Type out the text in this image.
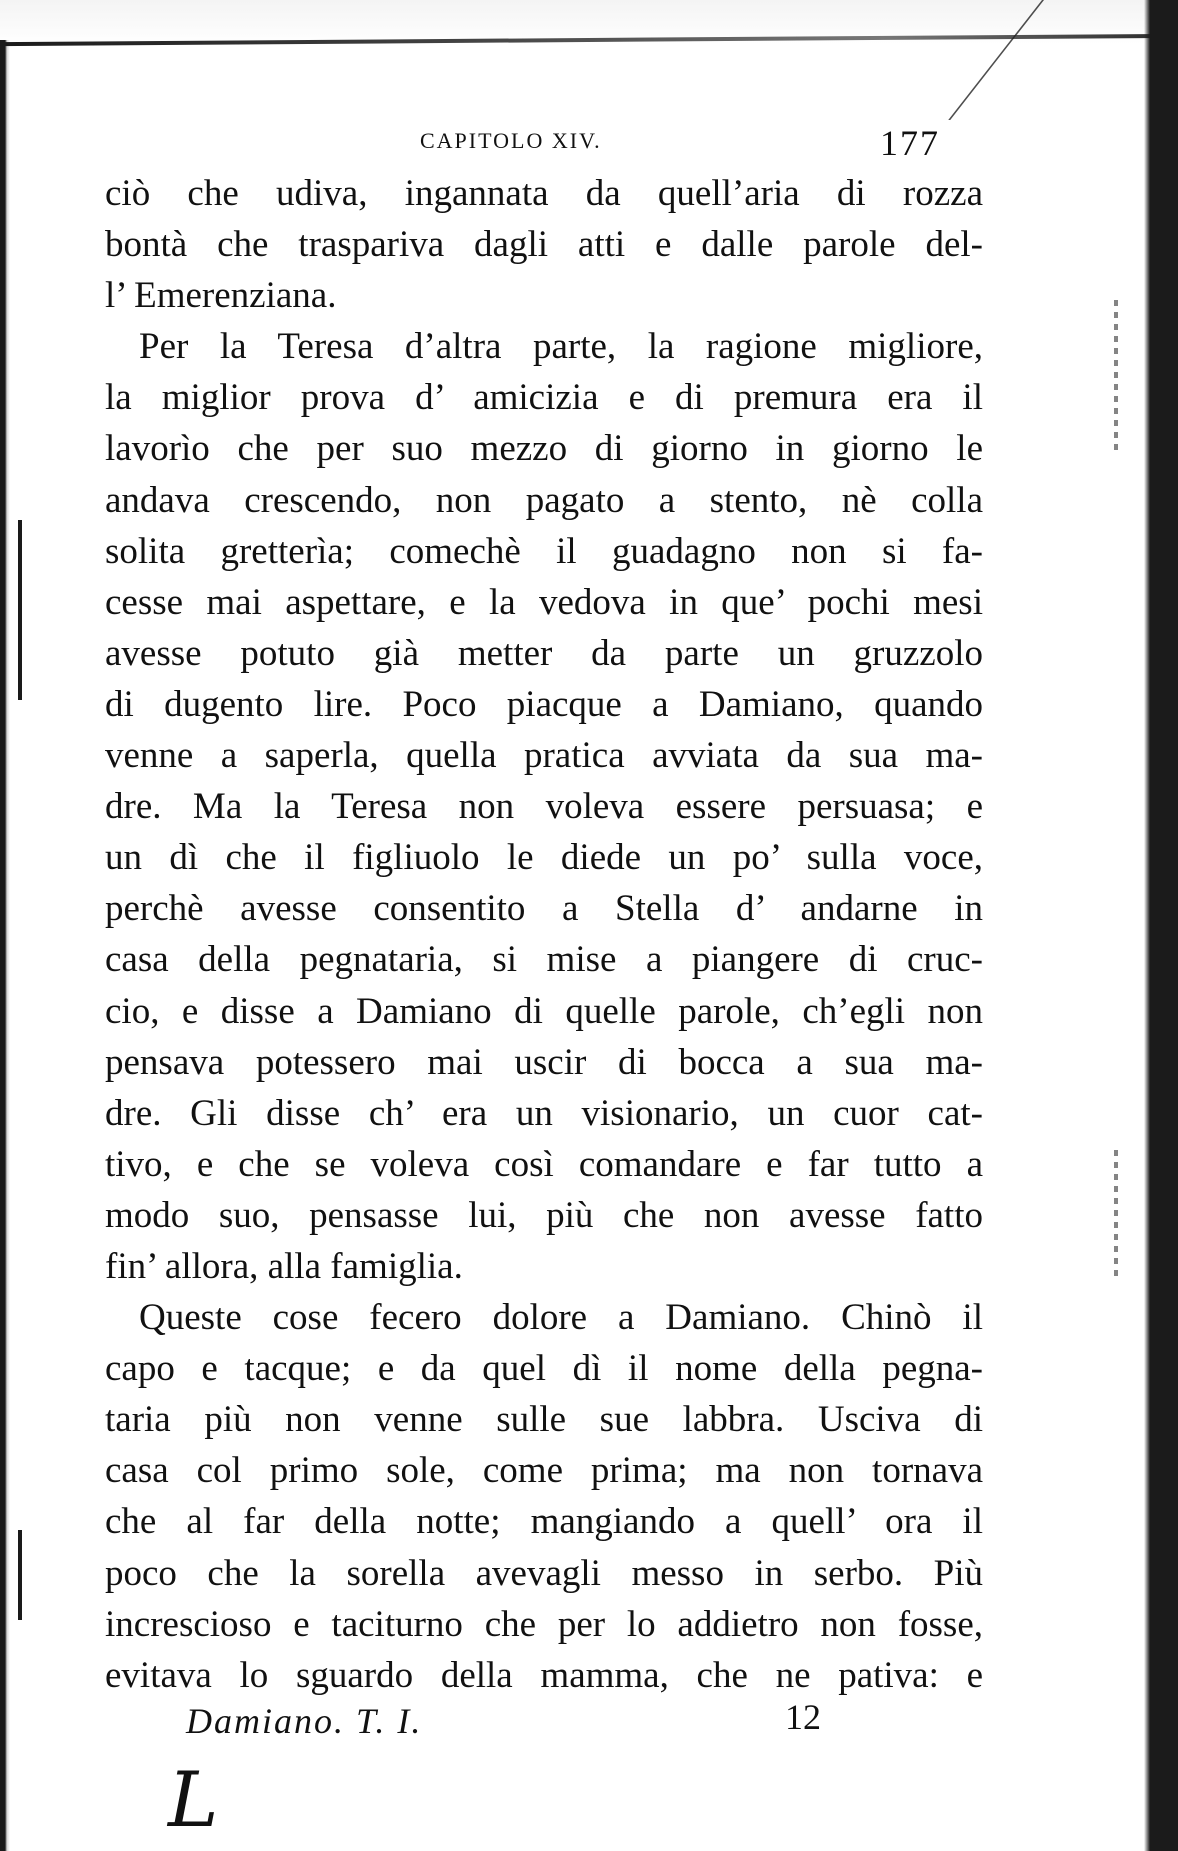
CAPITOLO XIV.	177
ciò che udiva, ingannata da quell’aria di rozza
bontà che traspariva dagli atti e dalle parole del-
l’ Emerenziana.
Per la Teresa d’altra parte, la ragione migliore,
la miglior prova d’ amicizia e di premura era il
lavorìo che per suo mezzo di giorno in giorno le
andava crescendo, non pagato a stento, nè colla
solita gretterìa; comechè il guadagno non si fa-
cesse mai aspettare, e la vedova in que’ pochi mesi
avesse potuto già metter da parte un gruzzolo
di dugento lire. Poco piacque a Damiano, quando
venne a saperla, quella pratica avviata da sua ma-
dre. Ma la Teresa non voleva essere persuasa; e
un dì che il figliuolo le diede un po’ sulla voce,
perchè avesse consentito a Stella d’ andarne in
casa della pegnataria, si mise a piangere di cruc-
cio, e disse a Damiano di quelle parole, ch’egli non
pensava potessero mai uscir di bocca a sua ma-
dre. Gli disse ch’ era un visionario, un cuor cat-
tivo, e che se voleva così comandare e far tutto a
modo suo, pensasse lui, più che non avesse fatto
fin’ allora, alla famiglia.
Queste cose fecero dolore a Damiano. Chinò il
capo e tacque; e da quel dì il nome della pegna-
taria più non venne sulle sue labbra. Usciva di
casa col primo sole, come prima; ma non tornava
che al far della notte; mangiando a quell’ ora il
poco che la sorella avevagli messo in serbo. Più
increscioso e taciturno che per lo addietro non fosse,
evitava lo sguardo della mamma, che ne pativa: e
Damiano. T. I.	12
L
